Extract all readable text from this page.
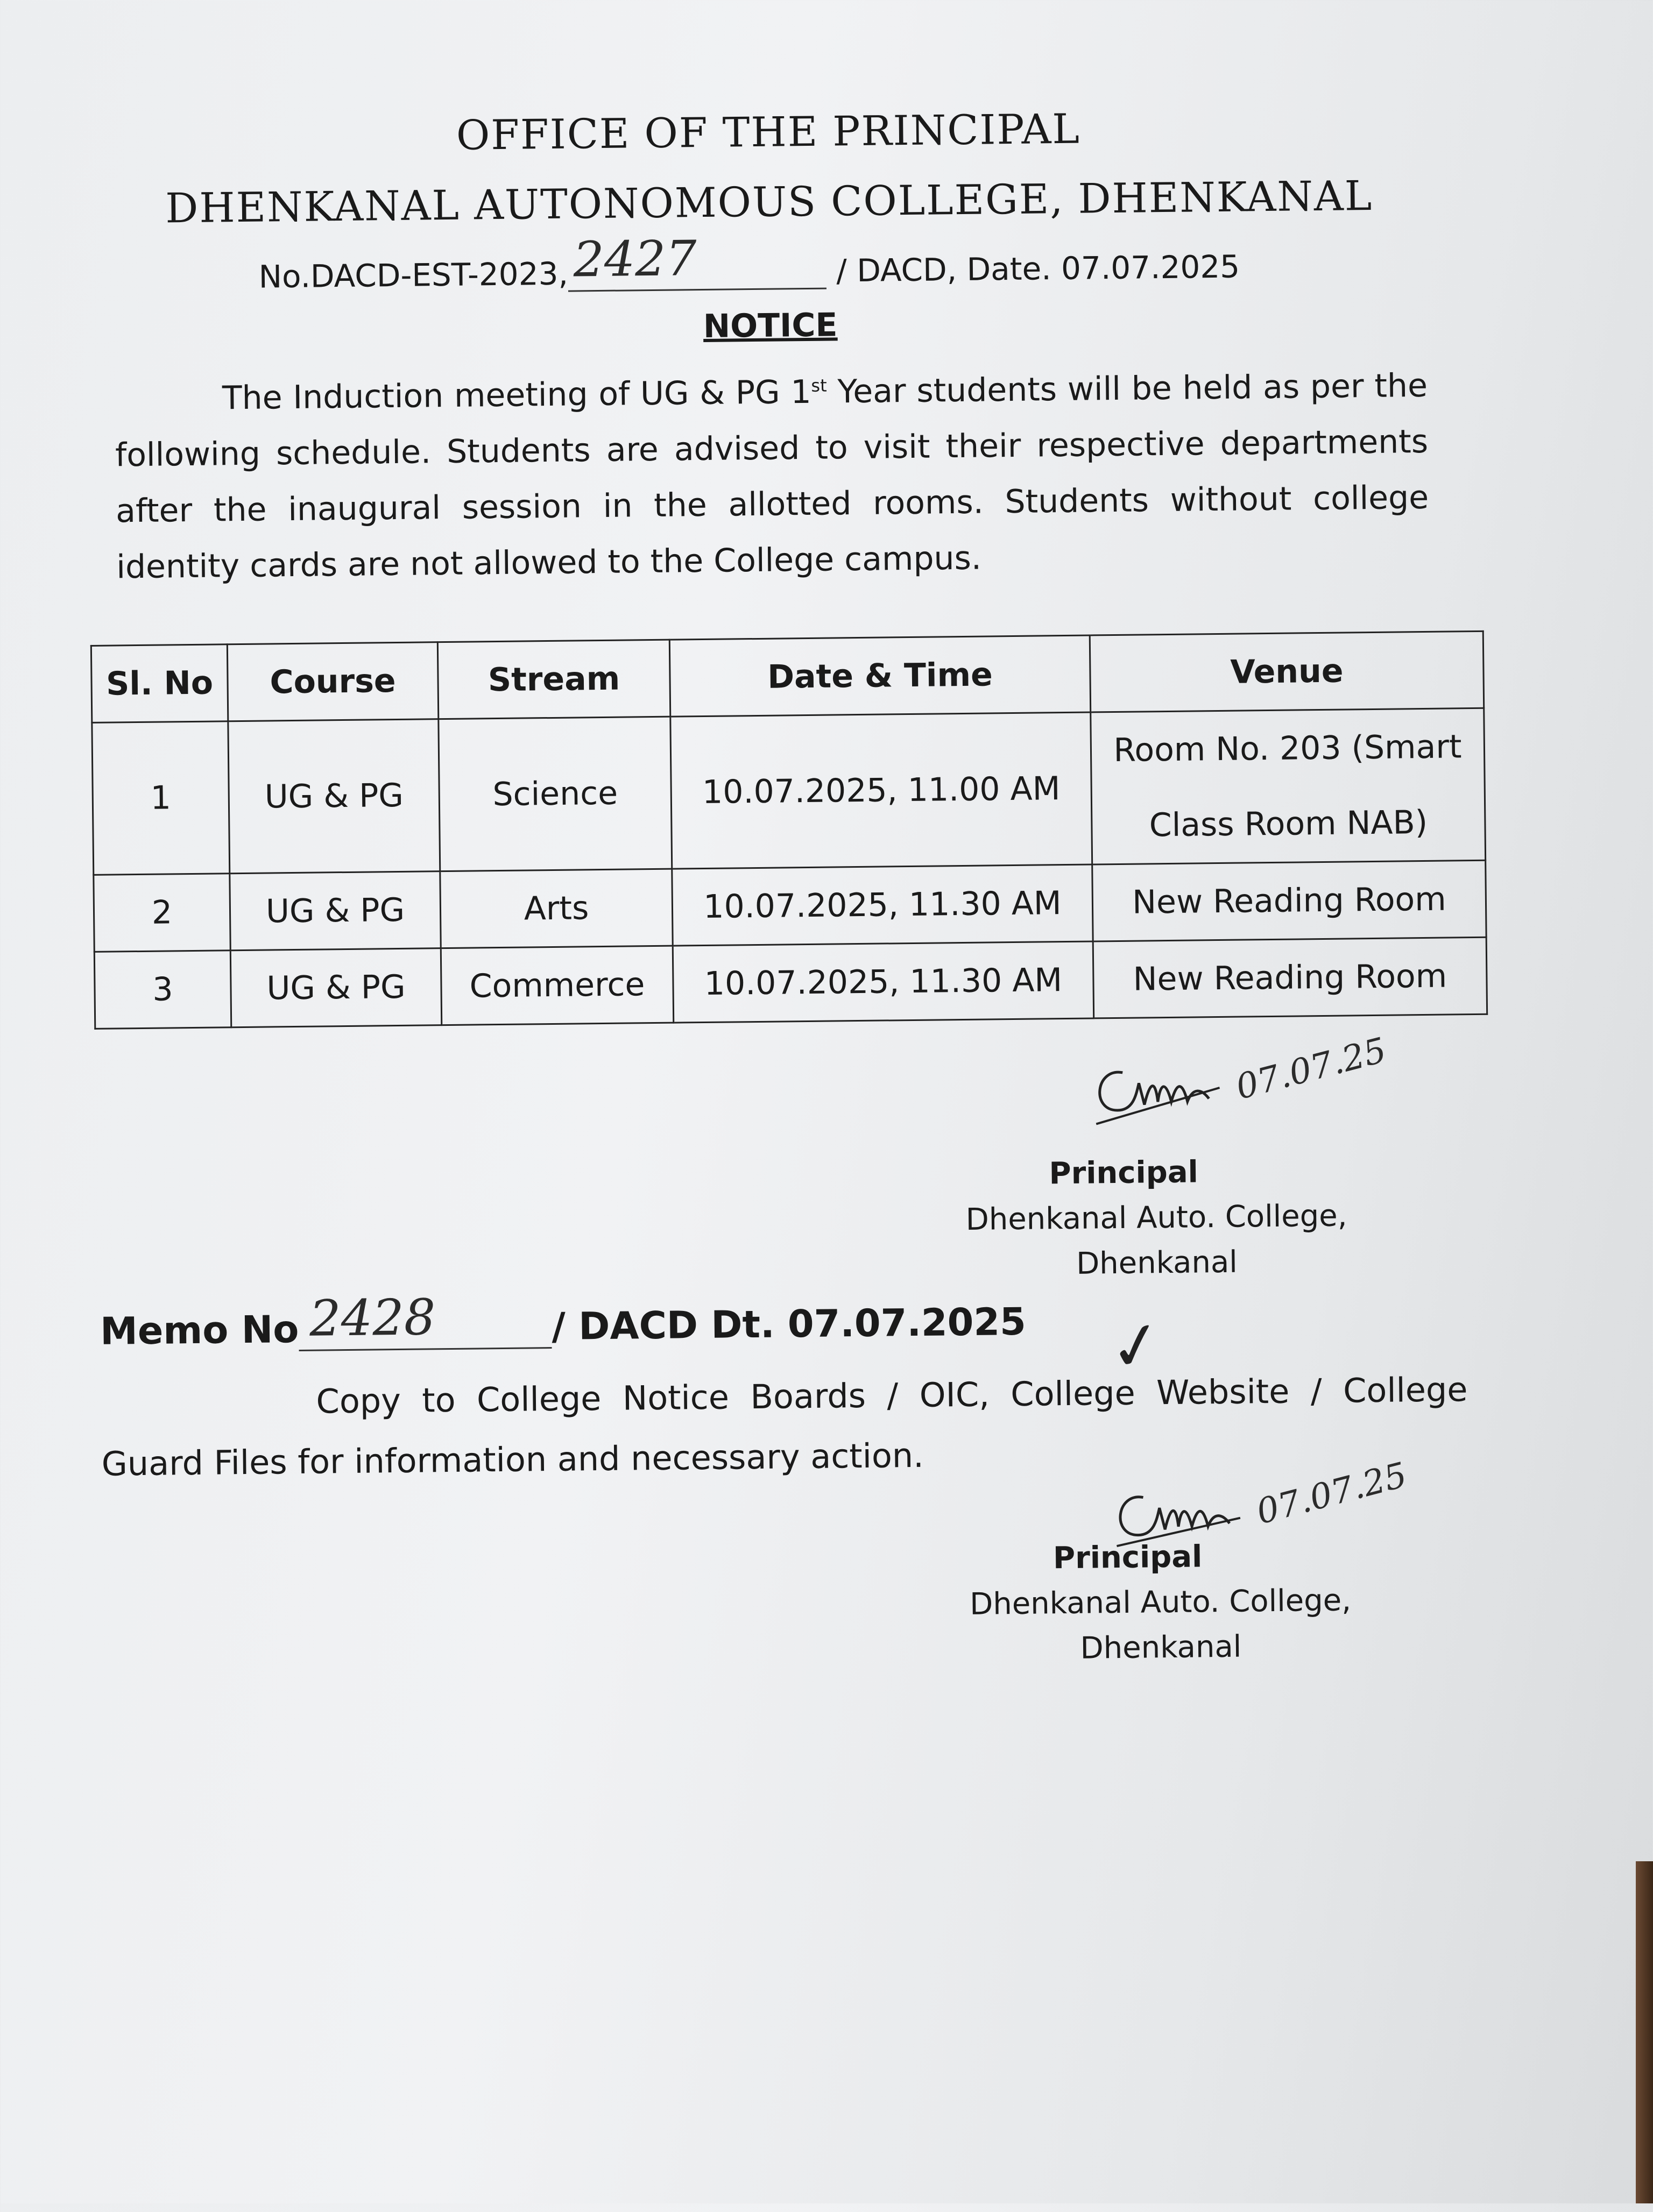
OFFICE OF THE PRINCIPAL
DHENKANAL AUTONOMOUS COLLEGE, DHENKANAL
No.DACD-EST-2023, 2427	/ DACD, Date. 07.07.2025
NOTICE
The Induction meeting of UG & PG 1st Year students will be held as per the following schedule. Students are advised to visit their respective departments after the inaugural session in the allotted rooms. Students without college identity cards are not allowed to the College campus.
Sl. No	Course	Stream	Date & Time	Venue
1	UG & PG	Science	10.07.2025, 11.00 AM	Room No. 203 (Smart
Class Room NAB)

2	UG & PG	Arts	10.07.2025, 11.30 AM	New Reading Room
3	UG & PG	Commerce	10.07.2025, 11.30 AM	New Reading Room
07.07.25
Principal
Dhenkanal Auto. College,
Dhenkanal
Memo No 2428	/ DACD Dt. 07.07.2025 ✓
Copy to College Notice Boards / OIC, College Website / College Guard Files for information and necessary action.	07.07.25
Principal
Dhenkanal Auto. College,
Dhenkanal
